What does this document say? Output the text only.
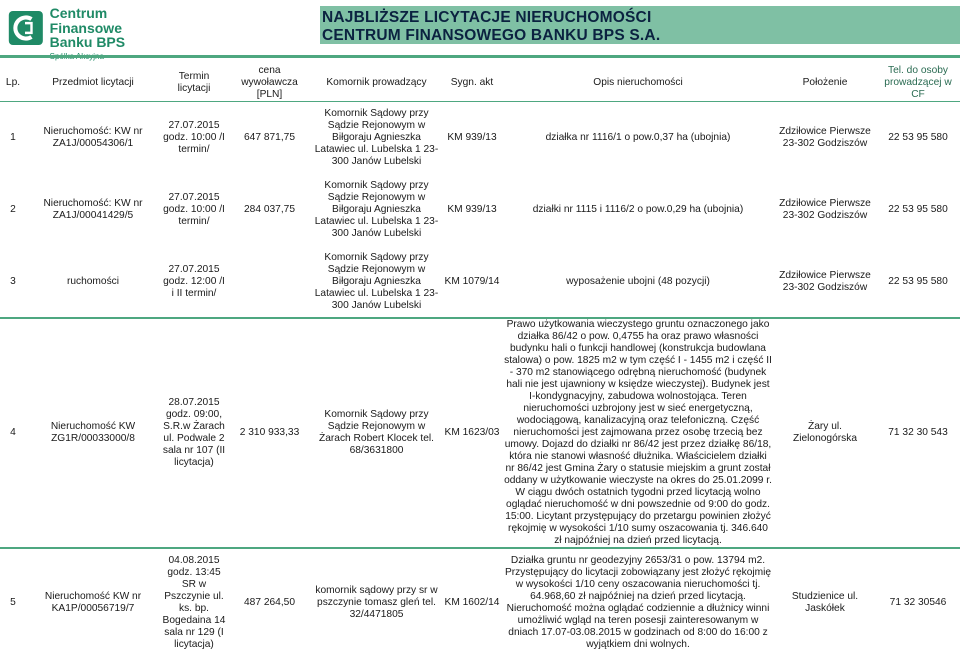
Centrum Finansowe
Banku BPS
NAJBLIŻSZE LICYTACJE NIERUCHOMOŚCI
CENTRUM FINANSOWEGO BANKU BPS S.A.
Lp.	Przedmiot licytacji	Termin licytacji	cena wywoławcza [PLN]	Komornik prowadzący	Sygn. akt	Opis nieruchomości	Położenie	Tel. do osoby prowadzącej w CF
1	Nieruchomość: KW nr ZA1J/00054306/1	27.07.2015 godz. 10:00 /I termin/	647 871,75	Komornik Sądowy przy Sądzie Rejonowym w Biłgoraju Agnieszka Latawiec ul. Lubelska 1 23-300 Janów Lubelski	KM 939/13	działka nr 1116/1 o pow.0,37 ha (ubojnia)	Zdziłowice Pierwsze 23-302 Godziszów	22 53 95 580
2	Nieruchomość: KW nr ZA1J/00041429/5	27.07.2015 godz. 10:00 /I termin/	284 037,75	Komornik Sądowy przy Sądzie Rejonowym w Biłgoraju Agnieszka Latawiec ul. Lubelska 1 23-300 Janów Lubelski	KM 939/13	działki nr 1115 i 1116/2 o pow.0,29 ha (ubojnia)	Zdziłowice Pierwsze 23-302 Godziszów	22 53 95 580
3	ruchomości	27.07.2015 godz. 12:00 /I i II termin/		Komornik Sądowy przy Sądzie Rejonowym w Biłgoraju Agnieszka Latawiec ul. Lubelska 1 23-300 Janów Lubelski	KM 1079/14	wyposażenie ubojni (48 pozycji)	Zdziłowice Pierwsze 23-302 Godziszów	22 53 95 580
4	Nieruchomość KW ZG1R/00033000/8	28.07.2015 godz. 09:00, S.R.w Żarach ul. Podwale 2 sala nr 107 (II licytacja)	2 310 933,33	Komornik Sądowy przy Sądzie Rejonowym w Żarach Robert Klocek tel. 68/3631800	KM 1623/03	Prawo użytkowania wieczystego gruntu oznaczonego jako działka 86/42 o pow. 0,4755 ha oraz prawo własności budynku hali o funkcji handlowej (konstrukcja budowlana stalowa) o pow. 1825 m2 w tym część I - 1455 m2 i część II - 370 m2 stanowiącego odrębną nieruchomość (budynek hali nie jest ujawniony w księdze wieczystej). Budynek jest I-kondygnacyjny, zabudowa wolnostojąca. Teren nieruchomości uzbrojony jest w sieć energetyczną, wodociągową, kanalizacyjną oraz telefoniczną. Część nieruchomości jest zajmowana przez osobę trzecią bez umowy. Dojazd do działki nr 86/42 jest przez działkę 86/18, która nie stanowi własność dłużnika. Właścicielem działki nr 86/42 jest Gmina Żary o statusie miejskim a grunt został oddany w użytkowanie wieczyste na okres do 25.01.2099 r. W ciągu dwóch ostatnich tygodni przed licytacją wolno oglądać nieruchomość w dni powszednie od 9:00 do godz. 15:00. Licytant przystępujący do przetargu powinien złożyć rękojmię w wysokości 1/10 sumy oszacowania tj. 346.640 zł najpóźniej na dzień przed licytacją.	Żary ul. Zielonogórska	71 32 30 543
5	Nieruchomość KW nr KA1P/00056719/7	04.08.2015 godz. 13:45 SR w Pszczynie ul. ks. bp. Bogedaina 14 sala nr 129 (I licytacja)	487 264,50	komornik sądowy przy sr w pszczynie tomasz gleń tel. 32/4471805	KM 1602/14	Działka gruntu nr geodezyjny 2653/31 o pow. 13794 m2. Przystępujący do licytacji zobowiązany jest złożyć rękojmię w wysokości 1/10 ceny oszacowania nieruchomości tj. 64.968,60 zł najpóźniej na dzień przed licytacją. Nieruchomość można oglądać codziennie a dłużnicy winni umożliwić wgląd na teren posesji zainteresowanym w dniach 17.07-03.08.2015 w godzinach od 8:00 do 16:00 z wyjątkiem dni wolnych.	Studzienice ul. Jaskółek	71 32 30546
